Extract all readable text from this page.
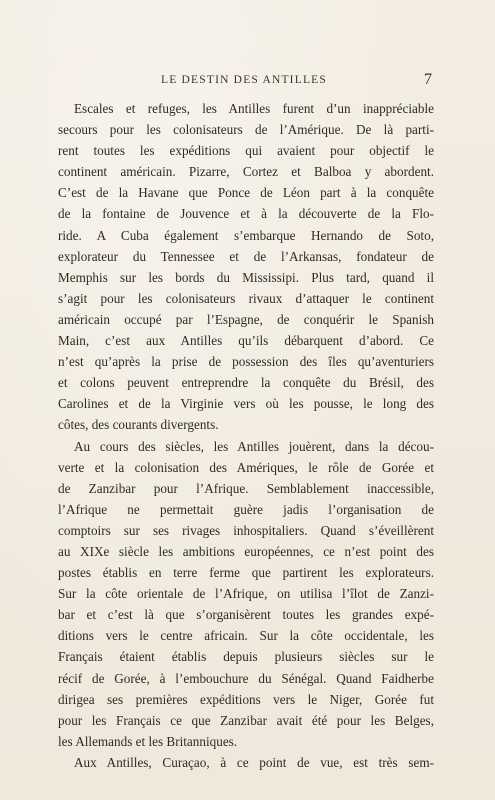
LE DESTIN DES ANTILLES	7
Escales et refuges, les Antilles furent d’un inappréciable
secours pour les colonisateurs de l’Amérique. De là parti-
rent toutes les expéditions qui avaient pour objectif le
continent américain. Pizarre, Cortez et Balboa y abordent.
C’est de la Havane que Ponce de Léon part à la conquête
de la fontaine de Jouvence et à la découverte de la Flo-
ride. A Cuba également s’embarque Hernando de Soto,
explorateur du Tennessee et de l’Arkansas, fondateur de
Memphis sur les bords du Mississipi. Plus tard, quand il
s’agit pour les colonisateurs rivaux d’attaquer le continent
américain occupé par l’Espagne, de conquérir le Spanish
Main, c’est aux Antilles qu’ils débarquent d’abord. Ce
n’est qu’après la prise de possession des îles qu’aventuriers
et colons peuvent entreprendre la conquête du Brésil, des
Carolines et de la Virginie vers où les pousse, le long des
côtes, des courants divergents.
Au cours des siècles, les Antilles jouèrent, dans la décou-
verte et la colonisation des Amériques, le rôle de Gorée et
de Zanzibar pour l’Afrique. Semblablement inaccessible,
l’Afrique ne permettait guère jadis l’organisation de
comptoirs sur ses rivages inhospitaliers. Quand s’éveillèrent
au XIXe siècle les ambitions européennes, ce n’est point des
postes établis en terre ferme que partirent les explorateurs.
Sur la côte orientale de l’Afrique, on utilisa l’îlot de Zanzi-
bar et c’est là que s’organisèrent toutes les grandes expé-
ditions vers le centre africain. Sur la côte occidentale, les
Français étaient établis depuis plusieurs siècles sur le
récif de Gorée, à l’embouchure du Sénégal. Quand Faidherbe
dirigea ses premières expéditions vers le Niger, Gorée fut
pour les Français ce que Zanzibar avait été pour les Belges,
les Allemands et les Britanniques.
Aux Antilles, Curaçao, à ce point de vue, est très sem-
